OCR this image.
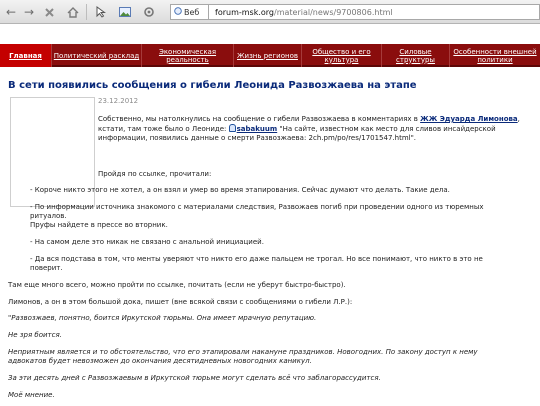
← →	Веб forum-msk.org /material/news/9700806.html
Главная	Политический расклад	Экономическая реальность	Жизнь регионов	Общество и его культура
Силовые структуры
Особенности внешней политики
В сети появились сообщения о гибели Леонида Развозжаева на этапе
23.12.2012
Собственно, мы натолкнулись на сообщение о гибели Развозжаева в комментариях в ЖЖ Эдуарда Лимонова, кстати, там тоже было о Леониде: sabakuum "На сайте, известном как место для сливов инсайдерской информации, появились данные о смерти Развозжаева: 2ch.pm/po/res/1701547.html".
Пройдя по ссылке, прочитали:
- Короче никто этого не хотел, а он взял и умер во время этапирования. Сейчас думают что делать. Такие дела.
- По информации источника знакомого с материалами следствия, Развожаев погиб при проведении одного из тюремных ритуалов.
Пруфы найдете в прессе во вторник.
- На самом деле это никак не связано с анальной инициацией.
- Да вся подстава в том, что менты уверяют что никто его даже пальцем не трогал. Но все понимают, что никто в это не поверит.
Там еще много всего, можно пройти по ссылке, почитать (если не уберут быстро-быстро).
Лимонов, а он в этом большой дока, пишет (вне всякой связи с сообщениями о гибели Л.Р.):
"Развозжаев, понятно, боится Иркутской тюрьмы. Она имеет мрачную репутацию.
Не зря боится.
Неприятным является и то обстоятельство, что его этапировали накануне праздников. Новогодних. По закону доступ к нему адвокатов будет невозможен до окончания десятидневных новогодних каникул.
За эти десять дней с Развозжаевым в Иркутской тюрьме могут сделать всё что заблагорассудится.
Моё мнение.
